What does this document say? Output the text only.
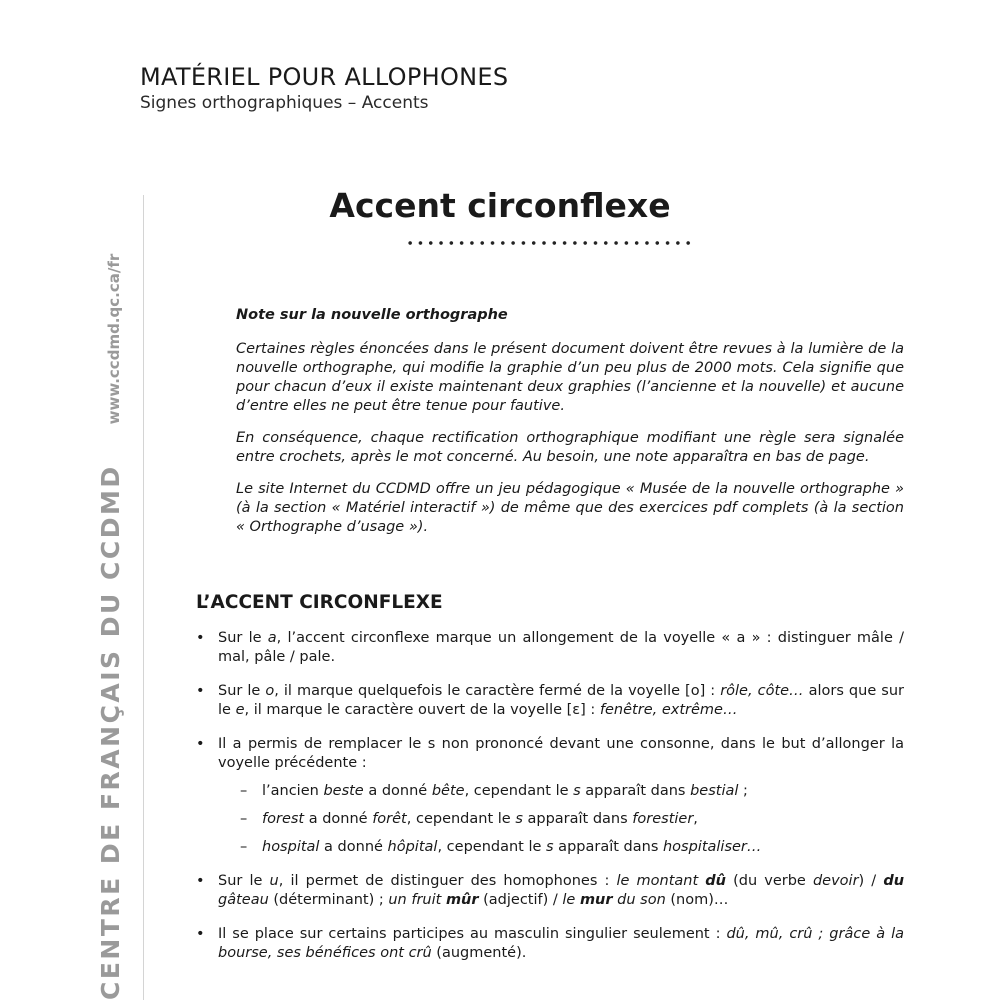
MATÉRIEL POUR ALLOPHONES
Signes orthographiques – Accents
CENTRE DE FRANÇAIS DU CCDMDwww.ccdmd.qc.ca/fr
Accent circonflexe

Note sur la nouvelle orthographe

Certaines règles énoncées dans le présent document doivent être revues à la lumière de la nouvelle orthographe, qui modifie la graphie d’un peu plus de 2000 mots. Cela signifie que pour chacun d’eux il existe maintenant deux graphies (l’ancienne et la nouvelle) et aucune d’entre elles ne peut être tenue pour fautive.

En conséquence, chaque rectification orthographique modifiant une règle sera signalée entre crochets, après le mot concerné. Au besoin, une note apparaîtra en bas de page.

Le site Internet du CCDMD offre un jeu pédagogique « Musée de la nouvelle orthographe » (à la section « Matériel interactif ») de même que des exercices pdf complets (à la section « Orthographe d’usage »).

L’ACCENT CIRCONFLEXE
• Sur le a, l’accent circonflexe marque un allongement de la voyelle « a » : distinguer mâle / mal, pâle / pale.
• Sur le o, il marque quelquefois le caractère fermé de la voyelle [o] : rôle, côte… alors que sur le e, il marque le caractère ouvert de la voyelle [ɛ] : fenêtre, extrême…
• Il a permis de remplacer le s non prononcé devant une consonne, dans le but d’allonger la voyelle précédente :
– l’ancien beste a donné bête, cependant le s apparaît dans bestial ;
– forest a donné forêt, cependant le s apparaît dans forestier,
– hospital a donné hôpital, cependant le s apparaît dans hospitaliser…
• Sur le u, il permet de distinguer des homophones : le montant dû (du verbe devoir) / du gâteau (déterminant) ; un fruit mûr (adjectif) / le mur du son (nom)…
• Il se place sur certains participes au masculin singulier seulement : dû, mû, crû ; grâce à la bourse, ses bénéfices ont crû (augmenté).
